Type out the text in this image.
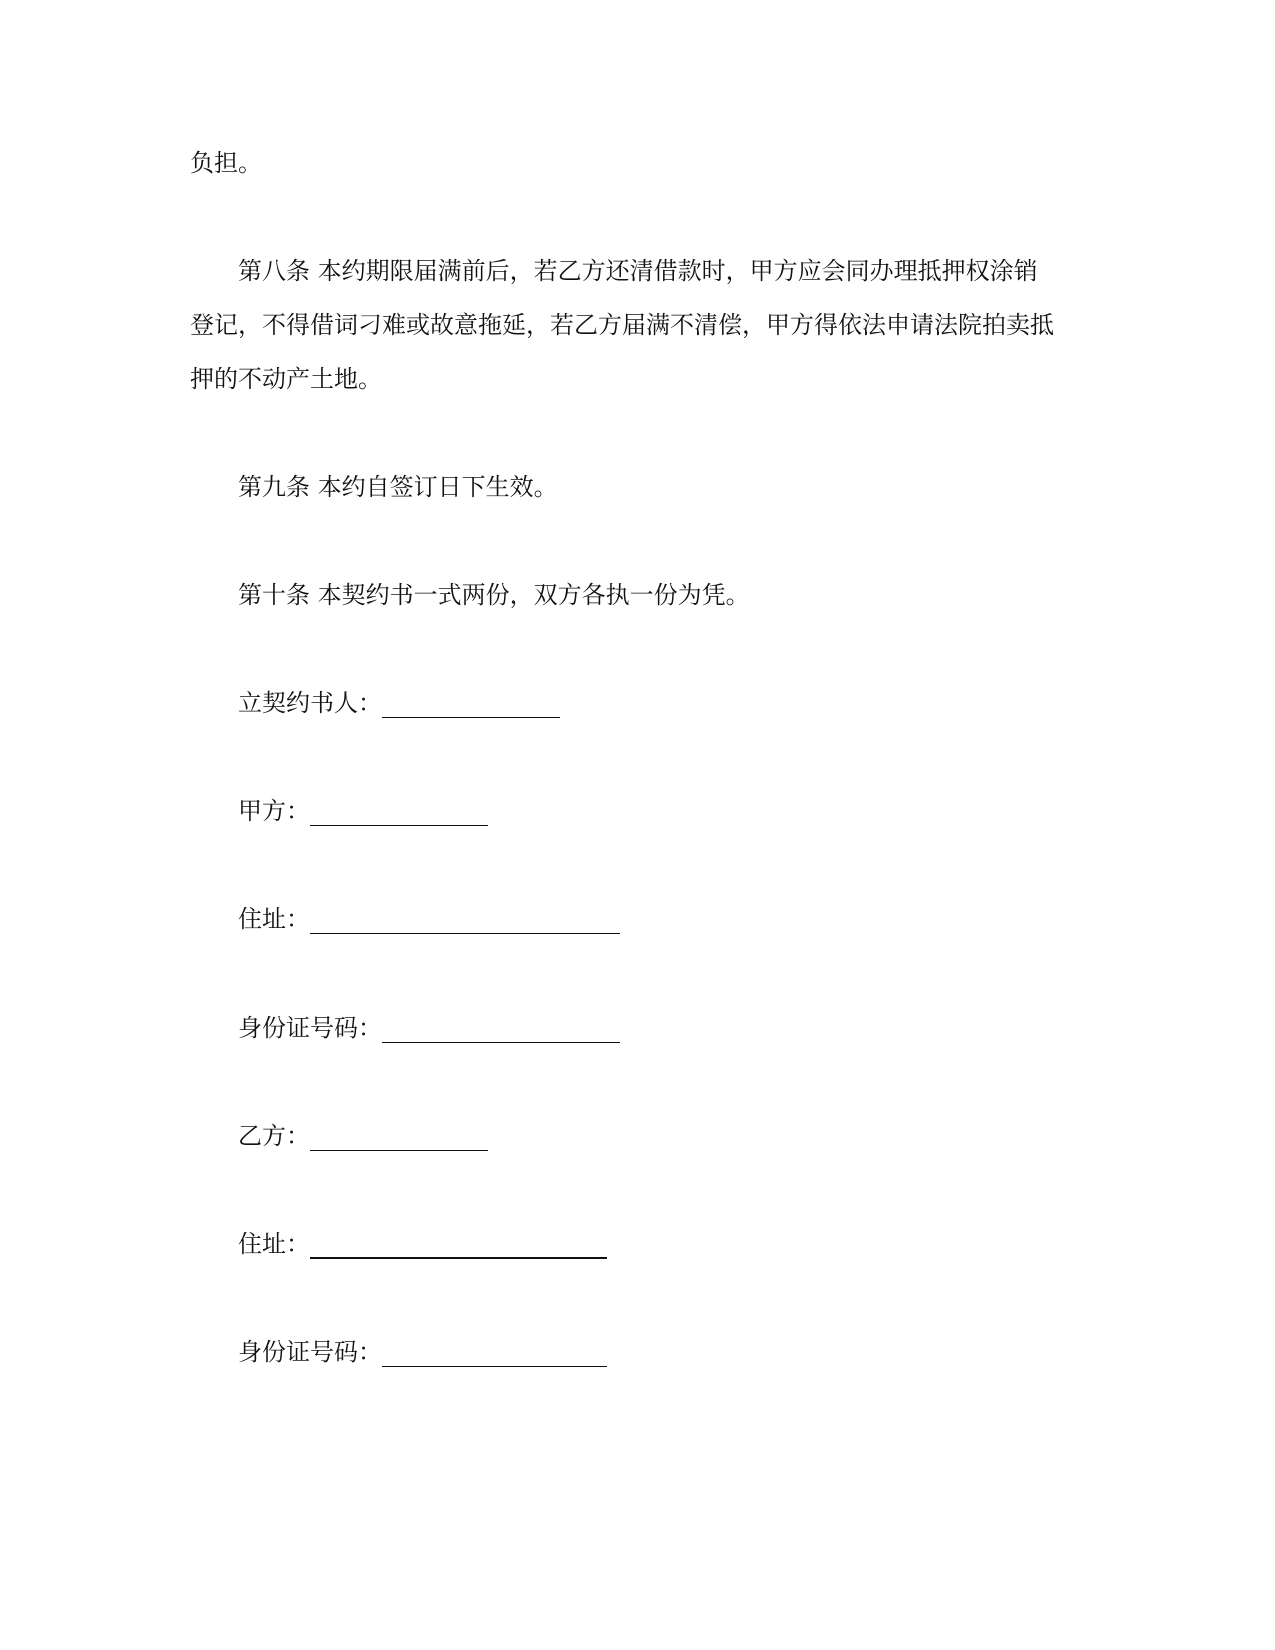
负担。
第八条 本约期限届满前后，若乙方还清借款时，甲方应会同办理抵押权涂销
登记，不得借词刁难或故意拖延，若乙方届满不清偿，甲方得依法申请法院拍卖抵
押的不动产土地。
第九条 本约自签订日下生效。
第十条 本契约书一式两份，双方各执一份为凭。
立契约书人：
甲方：
住址：
身份证号码：
乙方：
住址：
身份证号码：
